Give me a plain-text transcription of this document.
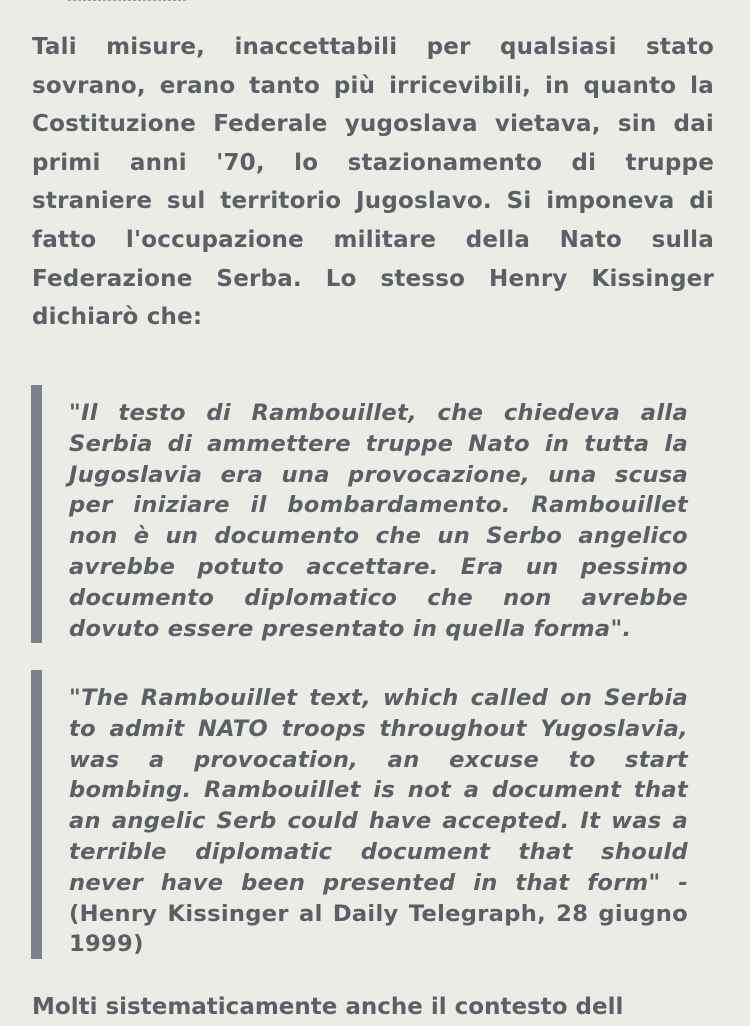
Tali misure, inaccettabili per qualsiasi stato sovrano, erano tanto più irricevibili, in quanto la Costituzione Federale yugoslava vietava, sin dai primi anni '70, lo stazionamento di truppe straniere sul territorio Jugoslavo. Si imponeva di fatto l'occupazione militare della Nato sulla Federazione Serba. Lo stesso Henry Kissinger dichiarò che:

"Il testo di Rambouillet, che chiedeva alla Serbia di ammettere truppe Nato in tutta la Jugoslavia era una provocazione, una scusa per iniziare il bombardamento. Rambouillet non è un documento che un Serbo angelico avrebbe potuto accettare. Era un pessimo documento diplomatico che non avrebbe dovuto essere presentato in quella forma".

"The Rambouillet text, which called on Serbia to admit NATO troops throughout Yugoslavia, was a provocation, an excuse to start bombing. Rambouillet is not a document that an angelic Serb could have accepted. It was a terrible diplomatic document that should never have been presented in that form" - (Henry Kissinger al Daily Telegraph, 28 giugno 1999)

Molti sistematicamente anche il contesto dell
